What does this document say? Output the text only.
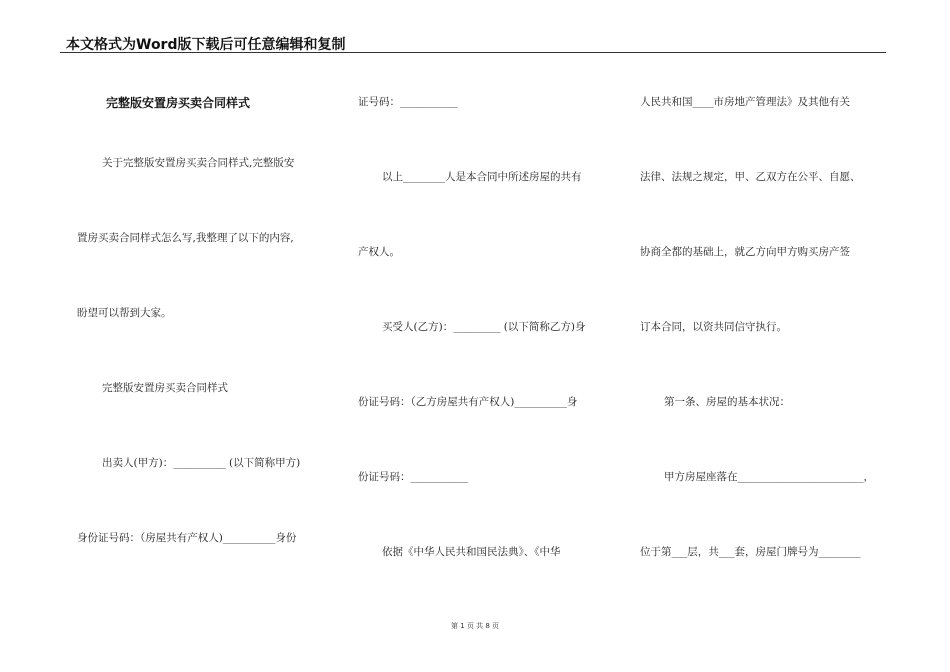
本文格式为Word版下载后可任意编辑和复制
完整版安置房买卖合同样式
关于完整版安置房买卖合同样式,完整版安
置房买卖合同样式怎么写,我整理了以下的内容,
盼望可以帮到大家。
完整版安置房买卖合同样式
出卖人(甲方)：__________ (以下简称甲方)
身份证号码：（房屋共有产权人)__________身份
证号码：___________
以上________人是本合同中所述房屋的共有
产权人。
买受人(乙方)：_________ (以下简称乙方)身
份证号码：（乙方房屋共有产权人)__________身
份证号码：___________
依据《中华人民共和国民法典》、《中华
人民共和国____市房地产管理法》及其他有关
法律、法规之规定，甲、乙双方在公平、自愿、
协商全都的基础上，就乙方向甲方购买房产签
订本合同，以资共同信守执行。
第一条、房屋的基本状况：
甲方房屋座落在________________________，
位于第___层，共___套，房屋门牌号为________
第 1 页 共 8 页
